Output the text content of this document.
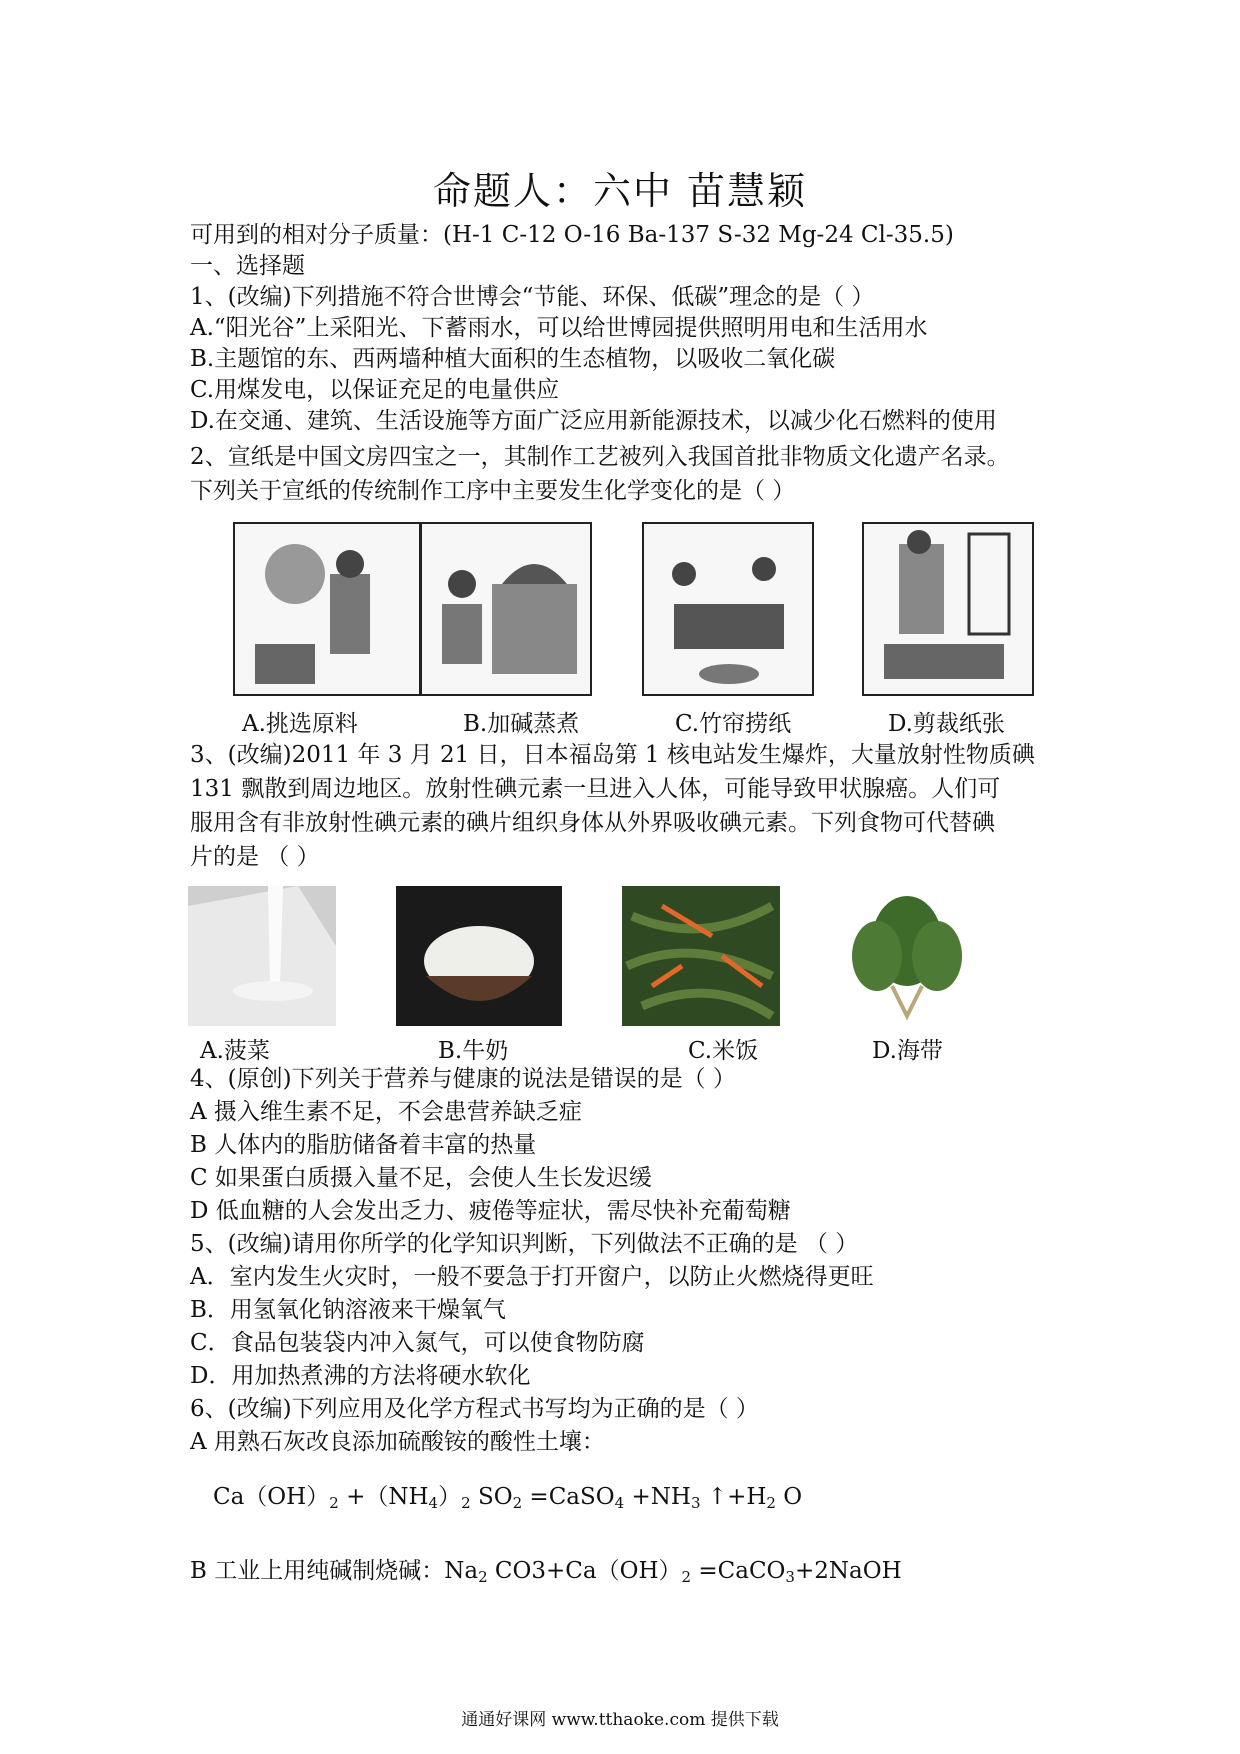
命题人：六中 苗慧颖
可用到的相对分子质量：(H-1 C-12 O-16 Ba-137 S-32 Mg-24 Cl-35.5)
一、选择题
1、(改编)下列措施不符合世博会“节能、环保、低碳”理念的是（ ）
A.“阳光谷”上采阳光、下蓄雨水，可以给世博园提供照明用电和生活用水
B.主题馆的东、西两墙种植大面积的生态植物，以吸收二氧化碳
C.用煤发电，以保证充足的电量供应
D.在交通、建筑、生活设施等方面广泛应用新能源技术，以减少化石燃料的使用
2、宣纸是中国文房四宝之一，其制作工艺被列入我国首批非物质文化遗产名录。
下列关于宣纸的传统制作工序中主要发生化学变化的是（ ）
A.挑选原料	B.加碱蒸煮	C.竹帘捞纸	D.剪裁纸张
3、(改编)2011 年 3 月 21 日，日本福岛第 1 核电站发生爆炸，大量放射性物质碘
131 飘散到周边地区。放射性碘元素一旦进入人体，可能导致甲状腺癌。人们可
服用含有非放射性碘元素的碘片组织身体从外界吸收碘元素。下列食物可代替碘
片的是 （ ）
A.菠菜	B.牛奶	C.米饭	D.海带
4、(原创)下列关于营养与健康的说法是错误的是（ ）
A 摄入维生素不足，不会患营养缺乏症
B 人体内的脂肪储备着丰富的热量
C 如果蛋白质摄入量不足，会使人生长发迟缓
D 低血糖的人会发出乏力、疲倦等症状，需尽快补充葡萄糖
5、(改编)请用你所学的化学知识判断，下列做法不正确的是 （ ）
A．室内发生火灾时，一般不要急于打开窗户，以防止火燃烧得更旺
B．用氢氧化钠溶液来干燥氧气
C．食品包装袋内冲入氮气，可以使食物防腐
D．用加热煮沸的方法将硬水软化
6、(改编)下列应用及化学方程式书写均为正确的是（ ）
A 用熟石灰改良添加硫酸铵的酸性土壤：
$Ca(OH)_2 +(NH_4)_2$ $SO_2$ =CaSO$_4$ $+NH_3$ $↑+H_2$ O
B 工业上用纯碱制烧碱：$Na_2$ $CO3+Ca(OH)_2$ =CaCO$_3$+2NaOH
通通好课网 www.tthaoke.com 提供下载
